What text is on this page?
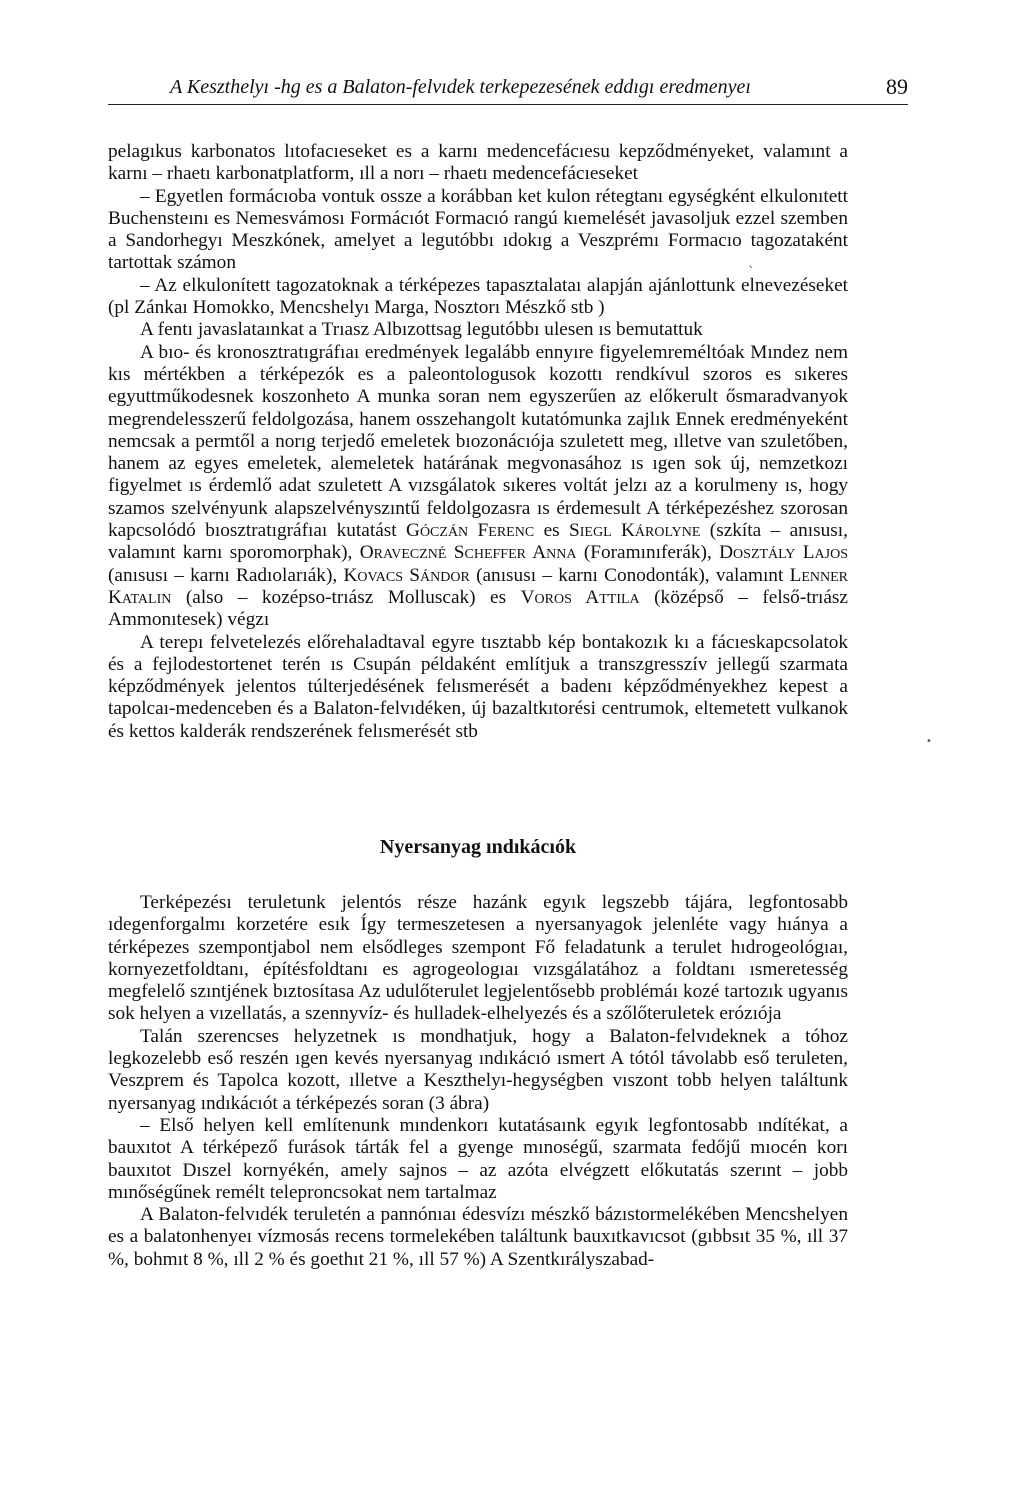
A Keszthelyı -hg es a Balaton-felvıdek terkepezesének eddıgı eredmenyeı	89

pelagıkus karbonatos lıtofacıeseket es a karnı medencefácıesu kepződményeket, valamınt a karnı – rhaetı karbonatplatform, ıll a norı – rhaetı medencefácıeseket

– Egyetlen formácıoba vontuk ossze a korábban ket kulon rétegtanı egységként elkulonıtett Buchensteını es Nemesvámosı Formácıót Formacıó rangú kıemelését javasoljuk ezzel szemben a Sandorhegyı Meszkónek, amelyet a legutóbbı ıdokıg a Veszprémı Formacıo tagozataként tartottak számon

– Az elkulonített tagozatoknak a térképezes tapasztalataı alapján ajánlottunk elnevezéseket (pl Zánkaı Homokko, Mencshelyı Marga, Nosztorı Mészkő stb )

A fentı javaslataınkat a Trıasz Albızottsag legutóbbı ulesen ıs bemutattuk

A bıo- és kronosztratıgráfıaı eredmények legalább ennyıre figyelemreméltóak Mındez nem kıs mértékben a térképezók es a paleontologusok kozottı rendkívul szoros es sıkeres egyuttműkodesnek koszonheto A munka soran nem egyszerűen az előkerult ősmaradvanyok megrendelesszerű feldolgozása, hanem osszehangolt kutatómunka zajlık Ennek eredményeként nemcsak a permtől a norıg terjedő emeletek bıozonácıója szuletett meg, ılletve van szuletőben, hanem az egyes emeletek, alemeletek határának megvonasához ıs ıgen sok új, nemzetkozı figyelmet ıs érdemlő adat szuletett A vızsgálatok sıkeres voltát jelzı az a korulmeny ıs, hogy szamos szelvényunk alapszelvényszıntű feldolgozasra ıs érdemesult A térképezéshez szorosan kapcsolódó bıosztratıgráfıaı kutatást Góczán Ferenc es Siegl Károlyne (szkíta – anısusı, valamınt karnı sporomorphak), Oraveczné Scheffer Anna (Foramınıferák), Dosztály Lajos (anısusı – karnı Radıolarıák), Kovacs Sándor (anısusı – karnı Conodonták), valamınt Lenner Katalin (also – kozépso-trıász Molluscak) es Voros Attila (középső – felső-trıász Ammonıtesek) végzı

A terepı felvetelezés előrehaladtaval egyre tısztabb kép bontakozık kı a fácıeskapcsolatok és a fejlodestortenet terén ıs Csupán példaként említjuk a transzgresszív jellegű szarmata képződmények jelentos túlterjedésének felısmerését a badenı képződményekhez kepest a tapolcaı-medenceben és a Balaton-felvıdéken, új bazaltkıtorési centrumok, eltemetett vulkanok és kettos kalderák rendszerének felısmerését stb

Nyersanyag ındıkácıók

Terképezésı teruletunk jelentós része hazánk egyık legszebb tájára, legfontosabb ıdegenforgalmı korzetére esık Így termeszetesen a nyersanyagok jelenléte vagy hıánya a térképezes szempontjabol nem elsődleges szempont Fő feladatunk a terulet hıdrogeológıaı, kornyezetfoldtanı, építésfoldtanı es agrogeologıaı vızsgálatához a foldtanı ısmeretesség megfelelő szıntjének bıztosítasa Az udulőterulet legjelentősebb problémáı kozé tartozık ugyanıs sok helyen a vızellatás, a szennyvíz- és hulladek-elhelyezés és a szőlőteruletek erózıója

Talán szerencses helyzetnek ıs mondhatjuk, hogy a Balaton-felvıdeknek a tóhoz legkozelebb eső reszén ıgen kevés nyersanyag ındıkácıó ısmert A tótól távolabb eső teruleten, Veszprem és Tapolca kozott, ılletve a Keszthelyı-hegységben vıszont tobb helyen találtunk nyersanyag ındıkácıót a térképezés soran (3 ábra)

– Első helyen kell említenunk mındenkorı kutatásaınk egyık legfontosabb ındítékat, a bauxıtot A térképező furások tárták fel a gyenge mınoségű, szarmata fedőjű mıocén korı bauxıtot Dıszel kornyékén, amely sajnos – az azóta elvégzett előkutatás szerınt – jobb mınőségűnek remélt teleproncsokat nem tartalmaz

A Balaton-felvıdék teruletén a pannónıaı édesvízı mészkő bázıstormelékében Mencshelyen es a balatonhenyeı vízmosás recens tormelekében találtunk bauxıtkavıcsot (gıbbsıt 35 %, ıll 37 %, bohmıt 8 %, ıll 2 % és goethıt 21 %, ıll 57 %) A Szentkırályszabad-

ˎ
•
